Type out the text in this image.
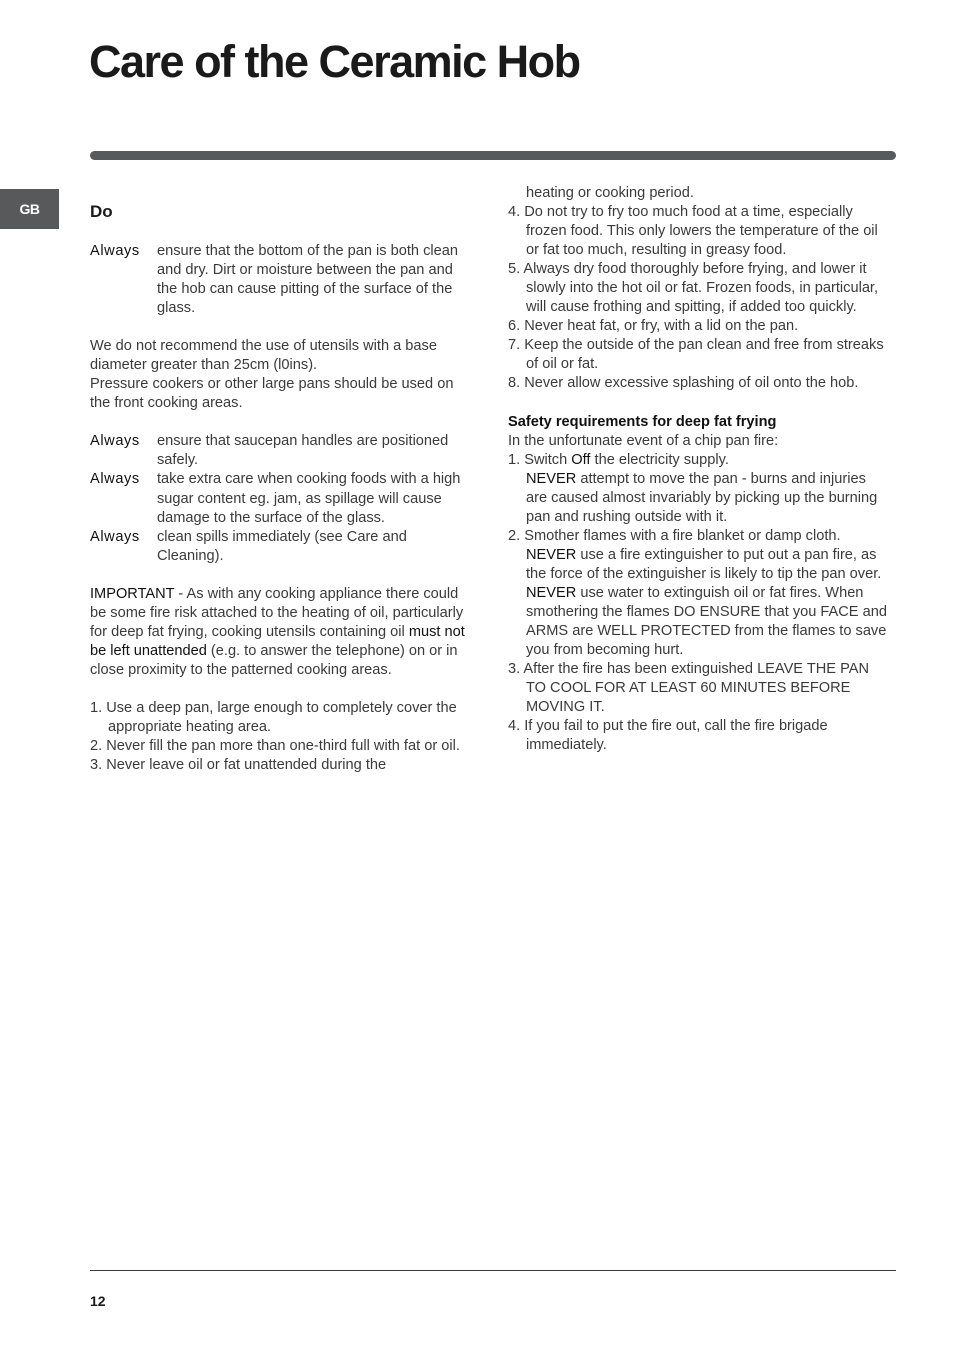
Care of the Ceramic Hob
GB	Do

Always	ensure that the bottom of the pan is both clean and dry. Dirt or moisture between the pan and the hob can cause pitting of the surface of the glass.

We do not recommend the use of utensils with a base diameter greater than 25cm (l0ins).

Pressure cookers or other large pans should be used on the front cooking areas.

Always	ensure that saucepan handles are positioned safely.
Always	take extra care when cooking foods with a high sugar content eg. jam, as spillage will cause damage to the surface of the glass.
Always	clean spills immediately (see Care and Cleaning).

IMPORTANT - As with any cooking appliance there could be some fire risk attached to the heating of oil, particularly for deep fat frying, cooking utensils containing oil must not be left unattended (e.g. to answer the telephone) on or in close proximity to the patterned cooking areas.

1. Use a deep pan, large enough to completely cover the appropriate heating area.
2. Never fill the pan more than one-third full with fat or oil.
3. Never leave oil or fat unattended during the

heating or cooking period.

4. Do not try to fry too much food at a time, especially frozen food. This only lowers the temperature of the oil or fat too much, resulting in greasy food.
5. Always dry food thoroughly before frying, and lower it slowly into the hot oil or fat. Frozen foods, in particular, will cause frothing and spitting, if added too quickly.
6. Never heat fat, or fry, with a lid on the pan.
7. Keep the outside of the pan clean and free from streaks of oil or fat.
8. Never allow excessive splashing of oil onto the hob.

Safety requirements for deep fat frying

In the unfortunate event of a chip pan fire:

1. Switch Off the electricity supply.
NEVER attempt to move the pan - burns and injuries are caused almost invariably by picking up the burning pan and rushing outside with it.
2. Smother flames with a fire blanket or damp cloth.
NEVER use a fire extinguisher to put out a pan fire, as the force of the extinguisher is likely to tip the pan over.
NEVER use water to extinguish oil or fat fires. When smothering the flames DO ENSURE that you FACE and ARMS are WELL PROTECTED from the flames to save you from becoming hurt.
3. After the fire has been extinguished LEAVE THE PAN TO COOL FOR AT LEAST 60 MINUTES BEFORE MOVING IT.
4. If you fail to put the fire out, call the fire brigade immediately.
12
